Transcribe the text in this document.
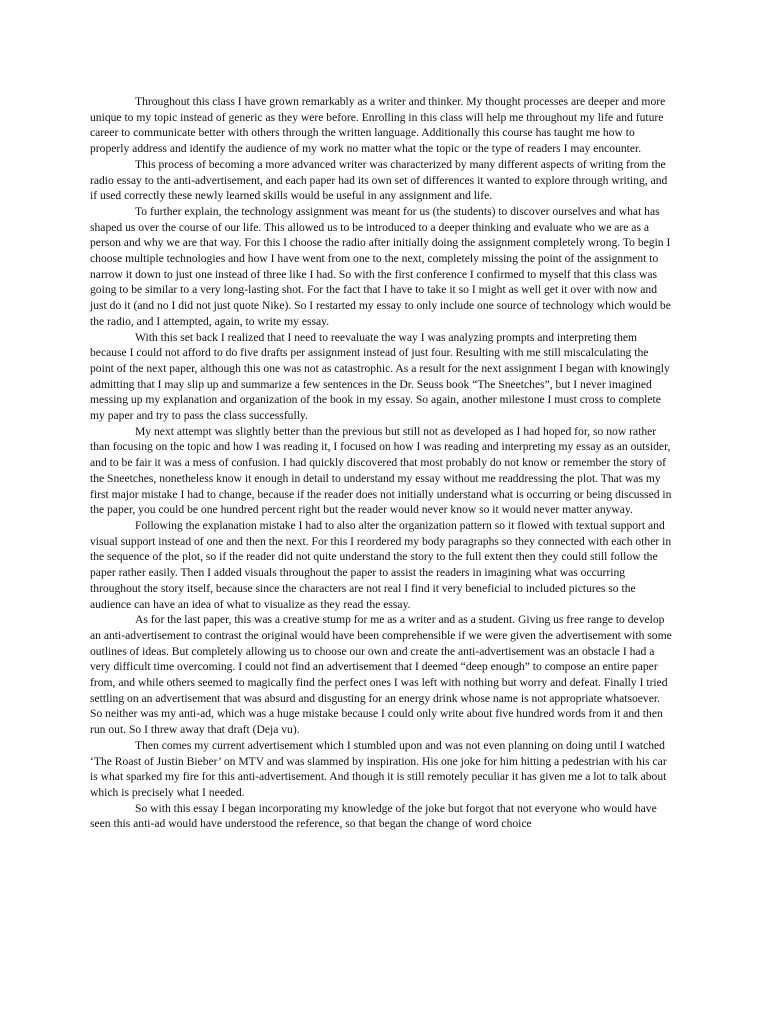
Throughout this class I have grown remarkably as a writer and thinker. My thought processes are deeper and more unique to my topic instead of generic as they were before. Enrolling in this class will help me throughout my life and future career to communicate better with others through the written language. Additionally this course has taught me how to properly address and identify the audience of my work no matter what the topic or the type of readers I may encounter.

This process of becoming a more advanced writer was characterized by many different aspects of writing from the radio essay to the anti-advertisement, and each paper had its own set of differences it wanted to explore through writing, and if used correctly these newly learned skills would be useful in any assignment and life.

To further explain, the technology assignment was meant for us (the students) to discover ourselves and what has shaped us over the course of our life. This allowed us to be introduced to a deeper thinking and evaluate who we are as a person and why we are that way. For this I choose the radio after initially doing the assignment completely wrong. To begin I choose multiple technologies and how I have went from one to the next, completely missing the point of the assignment to narrow it down to just one instead of three like I had. So with the first conference I confirmed to myself that this class was going to be similar to a very long-lasting shot. For the fact that I have to take it so I might as well get it over with now and just do it (and no I did not just quote Nike). So I restarted my essay to only include one source of technology which would be the radio, and I attempted, again, to write my essay.

With this set back I realized that I need to reevaluate the way I was analyzing prompts and interpreting them because I could not afford to do five drafts per assignment instead of just four. Resulting with me still miscalculating the point of the next paper, although this one was not as catastrophic. As a result for the next assignment I began with knowingly admitting that I may slip up and summarize a few sentences in the Dr. Seuss book “The Sneetches”, but I never imagined messing up my explanation and organization of the book in my essay. So again, another milestone I must cross to complete my paper and try to pass the class successfully.

My next attempt was slightly better than the previous but still not as developed as I had hoped for, so now rather than focusing on the topic and how I was reading it, I focused on how I was reading and interpreting my essay as an outsider, and to be fair it was a mess of confusion. I had quickly discovered that most probably do not know or remember the story of the Sneetches, nonetheless know it enough in detail to understand my essay without me readdressing the plot. That was my first major mistake I had to change, because if the reader does not initially understand what is occurring or being discussed in the paper, you could be one hundred percent right but the reader would never know so it would never matter anyway.

Following the explanation mistake I had to also alter the organization pattern so it flowed with textual support and visual support instead of one and then the next. For this I reordered my body paragraphs so they connected with each other in the sequence of the plot, so if the reader did not quite understand the story to the full extent then they could still follow the paper rather easily. Then I added visuals throughout the paper to assist the readers in imagining what was occurring throughout the story itself, because since the characters are not real I find it very beneficial to included pictures so the audience can have an idea of what to visualize as they read the essay.

As for the last paper, this was a creative stump for me as a writer and as a student. Giving us free range to develop an anti-advertisement to contrast the original would have been comprehensible if we were given the advertisement with some outlines of ideas. But completely allowing us to choose our own and create the anti-advertisement was an obstacle I had a very difficult time overcoming. I could not find an advertisement that I deemed “deep enough” to compose an entire paper from, and while others seemed to magically find the perfect ones I was left with nothing but worry and defeat. Finally I tried settling on an advertisement that was absurd and disgusting for an energy drink whose name is not appropriate whatsoever. So neither was my anti-ad, which was a huge mistake because I could only write about five hundred words from it and then run out. So I threw away that draft (Deja vu).

Then comes my current advertisement which I stumbled upon and was not even planning on doing until I watched ‘The Roast of Justin Bieber’ on MTV and was slammed by inspiration. His one joke for him hitting a pedestrian with his car is what sparked my fire for this anti-advertisement. And though it is still remotely peculiar it has given me a lot to talk about which is precisely what I needed.

So with this essay I began incorporating my knowledge of the joke but forgot that not everyone who would have seen this anti-ad would have understood the reference, so that began the change of word choice
